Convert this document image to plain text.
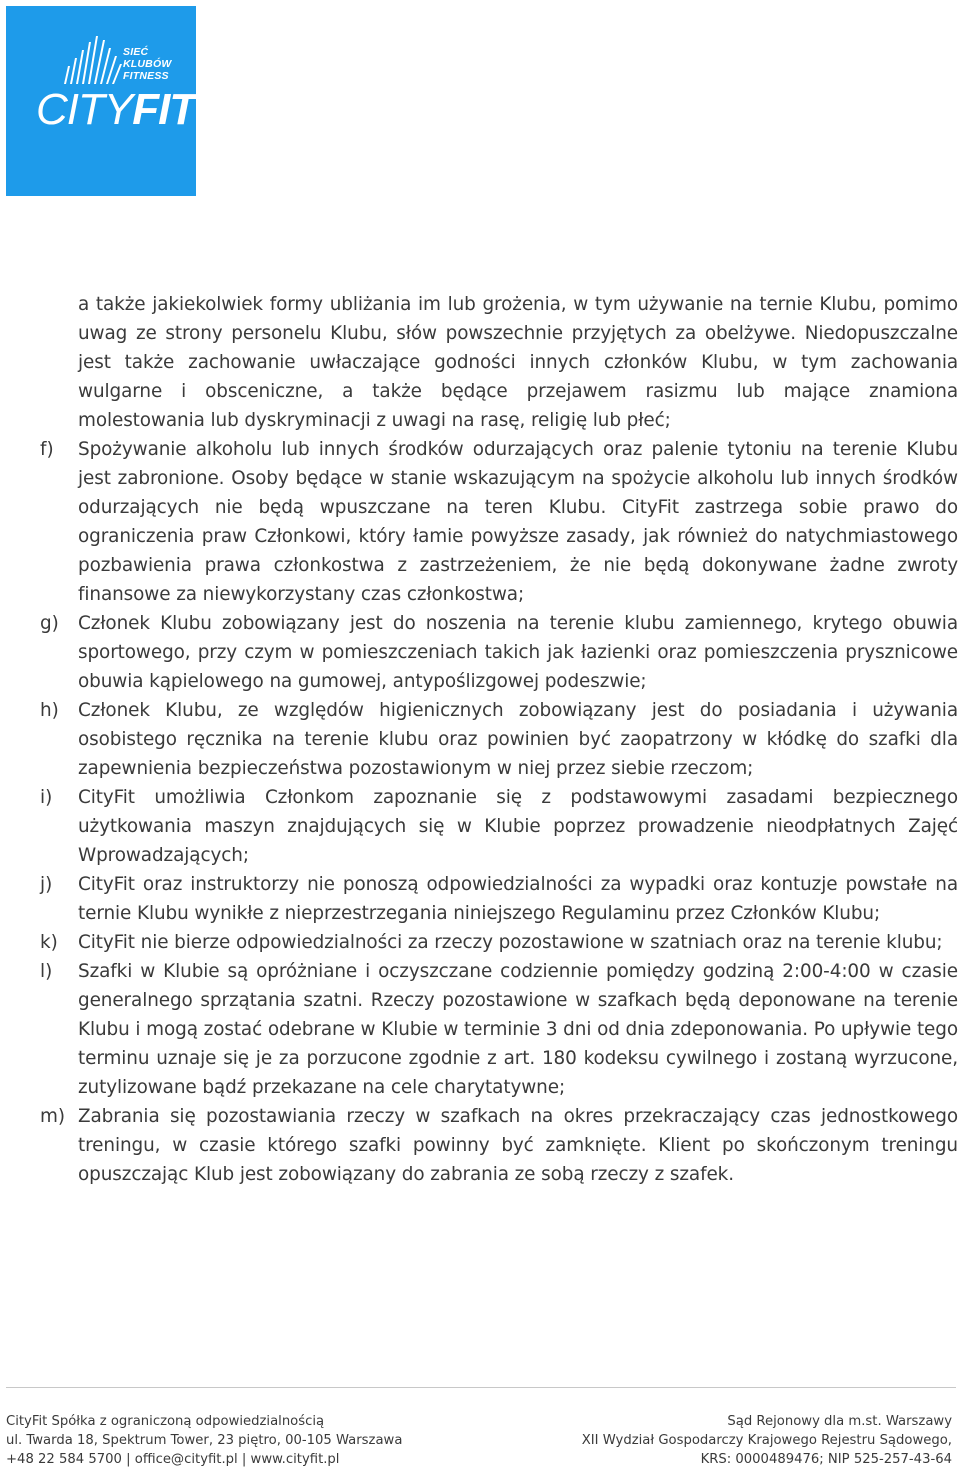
SIEĆ
KLUBÓW
FITNESS
CITYFIT

a także jakiekolwiek formy ubliżania im lub grożenia, w tym używanie na ternie Klubu, pomimo uwag ze strony personelu Klubu, słów powszechnie przyjętych za obelżywe. Niedopuszczalne jest także zachowanie uwłaczające godności innych członków Klubu, w tym zachowania wulgarne i obsceniczne, a także będące przejawem rasizmu lub mające znamiona molestowania lub dyskryminacji z uwagi na rasę, religię lub płeć;

f)	Spożywanie alkoholu lub innych środków odurzających oraz palenie tytoniu na terenie Klubu jest zabronione. Osoby będące w stanie wskazującym na spożycie alkoholu lub innych środków odurzających nie będą wpuszczane na teren Klubu. CityFit zastrzega sobie prawo do ograniczenia praw Członkowi, który łamie powyższe zasady, jak również do natychmiastowego pozbawienia prawa członkostwa z zastrzeżeniem, że nie będą dokonywane żadne zwroty finansowe za niewykorzystany czas członkostwa;
g)	Członek Klubu zobowiązany jest do noszenia na terenie klubu zamiennego, krytego obuwia sportowego, przy czym w pomieszczeniach takich jak łazienki oraz pomieszczenia prysznicowe obuwia kąpielowego na gumowej, antypoślizgowej podeszwie;
h)	Członek Klubu, ze względów higienicznych zobowiązany jest do posiadania i używania osobistego ręcznika na terenie klubu oraz powinien być zaopatrzony w kłódkę do szafki dla zapewnienia bezpieczeństwa pozostawionym w niej przez siebie rzeczom;
i)	CityFit umożliwia Członkom zapoznanie się z podstawowymi zasadami bezpiecznego użytkowania maszyn znajdujących się w Klubie poprzez prowadzenie nieodpłatnych Zajęć Wprowadzających;
j)	CityFit oraz instruktorzy nie ponoszą odpowiedzialności za wypadki oraz kontuzje powstałe na ternie Klubu wynikłe z nieprzestrzegania niniejszego Regulaminu przez Członków Klubu;
k)	CityFit nie bierze odpowiedzialności za rzeczy pozostawione w szatniach oraz na terenie klubu;
l)	Szafki w Klubie są opróżniane i oczyszczane codziennie pomiędzy godziną 2:00-4:00 w czasie generalnego sprzątania szatni. Rzeczy pozostawione w szafkach będą deponowane na terenie Klubu i mogą zostać odebrane w Klubie w terminie 3 dni od dnia zdeponowania. Po upływie tego terminu uznaje się je za porzucone zgodnie z art. 180 kodeksu cywilnego i zostaną wyrzucone, zutylizowane bądź przekazane na cele charytatywne;
m) Zabrania się pozostawiania rzeczy w szafkach na okres przekraczający czas jednostkowego treningu, w czasie którego szafki powinny być zamknięte. Klient po skończonym treningu opuszczając Klub jest zobowiązany do zabrania ze sobą rzeczy z szafek.
CityFit Spółka z ograniczoną odpowiedzialnością
ul. Twarda 18, Spektrum Tower, 23 piętro, 00-105 Warszawa
+48 22 584 5700 | office@cityfit.pl | www.cityfit.pl
Sąd Rejonowy dla m.st. Warszawy
XII Wydział Gospodarczy Krajowego Rejestru Sądowego,
KRS: 0000489476; NIP 525-257-43-64
